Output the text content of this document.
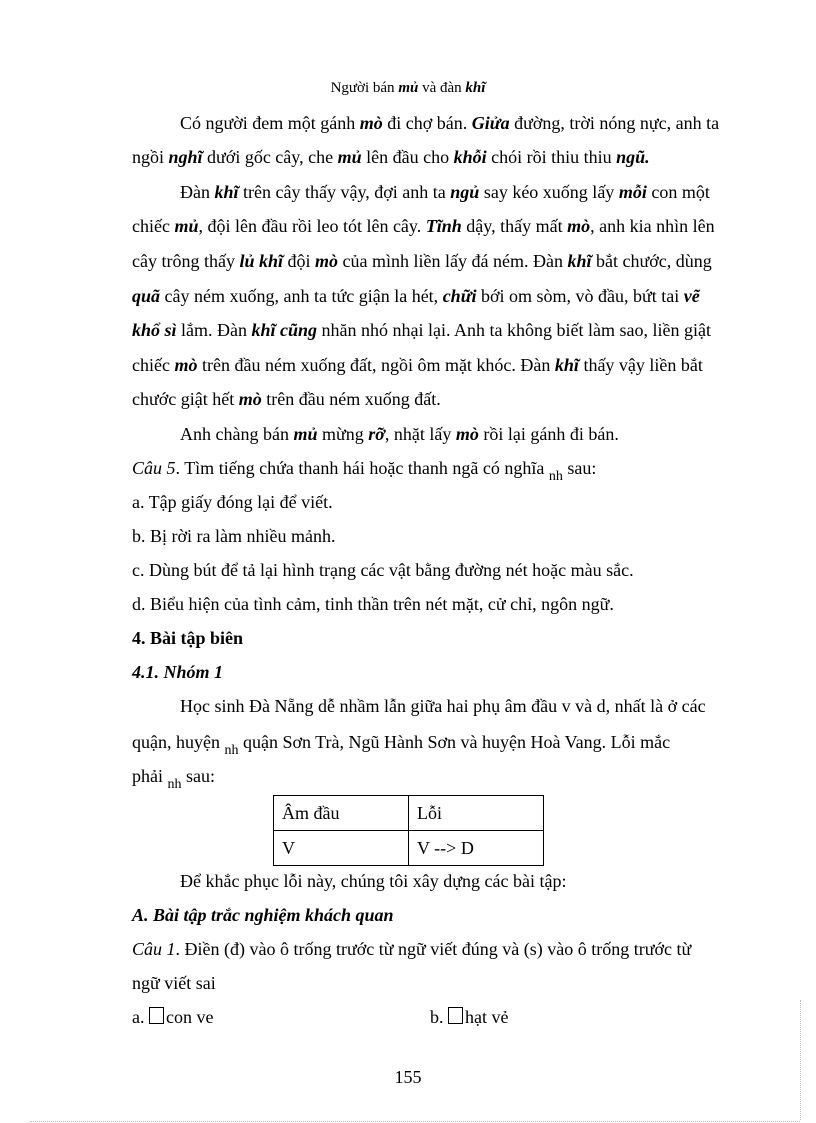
Người bán mủ và đàn khĩ
Có người đem một gánh mò đi chợ bán. Giửa đường, trời nóng nực, anh ta
ngồi nghĩ dưới gốc cây, che mủ lên đầu cho khỗi chói rồi thiu thiu ngũ.
Đàn khĩ trên cây thấy vậy, đợi anh ta ngủ say kéo xuống lấy mỗi con một
chiếc mủ, đội lên đầu rồi leo tót lên cây. Tĩnh dậy, thấy mất mò, anh kia nhìn lên
cây trông thấy lủ khĩ đội mò của mình liền lấy đá ném. Đàn khĩ bắt chước, dùng
quã cây ném xuống, anh ta tức giận la hét, chữi bới om sòm, vò đầu, bứt tai vẽ
khổ sì lắm. Đàn khĩ cũng nhăn nhó nhại lại. Anh ta không biết làm sao, liền giật
chiếc mò trên đầu ném xuống đất, ngồi ôm mặt khóc. Đàn khĩ thấy vậy liền bắt
chước giật hết mò trên đầu ném xuống đất.
Anh chàng bán mủ mừng rỡ, nhặt lấy mò rồi lại gánh đi bán.
Câu 5. Tìm tiếng chứa thanh hái hoặc thanh ngã có nghĩa $_{nh}$ sau:
a. Tập giấy đóng lại để viết.
b. Bị rời ra làm nhiều mảnh.
c. Dùng bút để tả lại hình trạng các vật bằng đường nét hoặc màu sắc.
d. Biểu hiện của tình cảm, tinh thần trên nét mặt, cử chỉ, ngôn ngữ.
4. Bài tập biên
4.1. Nhóm 1
Học sinh Đà Nẵng dễ nhầm lẫn giữa hai phụ âm đầu v và d, nhất là ở các
quận, huyện $_{nh}$ quận Sơn Trà, Ngũ Hành Sơn và huyện Hoà Vang. Lỗi mắc
phải $_{nh}$ sau:
Âm đầu	Lỗi
V	V --> D
Để khắc phục lỗi này, chúng tôi xây dựng các bài tập:
A. Bài tập trắc nghiệm khách quan
Câu 1. Điền (đ) vào ô trống trước từ ngữ viết đúng và (s) vào ô trống trước từ
ngữ viết sai
a. con ve	b. hạt vẻ
155
